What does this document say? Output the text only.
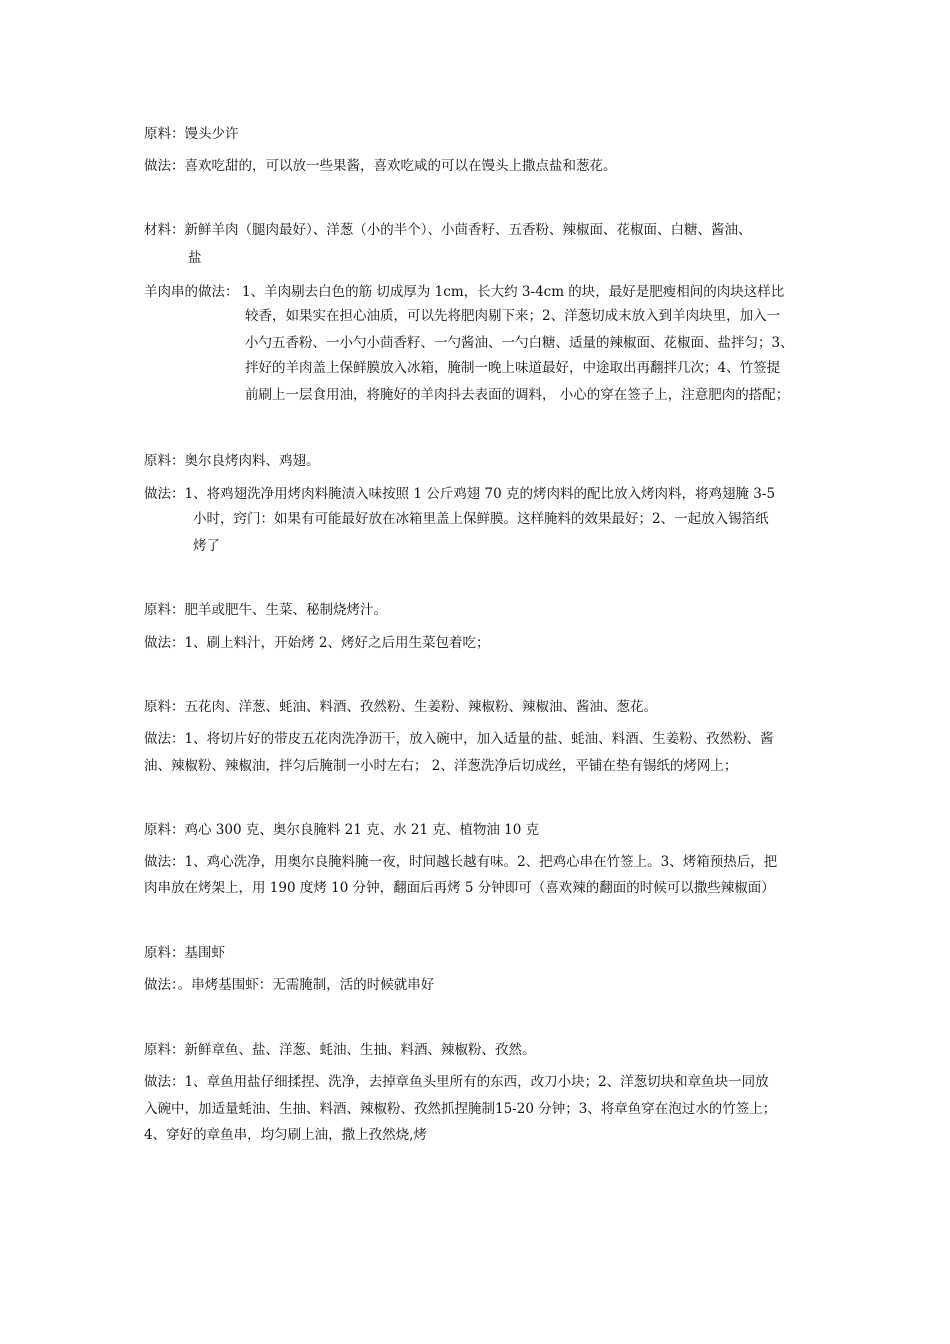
原料：馒头少许
做法：喜欢吃甜的，可以放一些果酱，喜欢吃咸的可以在馒头上撒点盐和葱花。
材料：新鲜羊肉（腿肉最好）、洋葱（小的半个）、小茴香籽、五香粉、辣椒面、花椒面、白糖、酱油、
盐
羊肉串的做法： 1、羊肉剔去白色的筋 切成厚为 1cm，长大约 3-4cm 的块，最好是肥瘦相间的肉块这样比
较香，如果实在担心油质，可以先将肥肉剔下来；2、洋葱切成末放入到羊肉块里，加入一
小勺五香粉、一小勺小茴香籽、一勺酱油、一勺白糖、适量的辣椒面、花椒面、盐拌匀；3、
拌好的羊肉盖上保鲜膜放入冰箱，腌制一晚上味道最好，中途取出再翻拌几次；4、竹签提
前刷上一层食用油，将腌好的羊肉抖去表面的调料， 小心的穿在签子上，注意肥肉的搭配；
原料：奥尔良烤肉料、鸡翅。
做法：1、将鸡翅洗净用烤肉料腌渍入味按照 1 公斤鸡翅 70 克的烤肉料的配比放入烤肉料，将鸡翅腌 3-5
小时，窍门：如果有可能最好放在冰箱里盖上保鲜膜。这样腌料的效果最好；2、一起放入锡箔纸
烤了
原料：肥羊或肥牛、生菜、秘制烧烤汁。
做法：1、刷上料汁，开始烤 2、烤好之后用生菜包着吃；
原料：五花肉、洋葱、蚝油、料酒、孜然粉、生姜粉、辣椒粉、辣椒油、酱油、葱花。
做法：1、将切片好的带皮五花肉洗净沥干，放入碗中，加入适量的盐、蚝油、料酒、生姜粉、孜然粉、酱
油、辣椒粉、辣椒油，拌匀后腌制一小时左右； 2、洋葱洗净后切成丝，平铺在垫有锡纸的烤网上；
原料：鸡心 300 克、奥尔良腌料 21 克、水 21 克、植物油 10 克
做法：1、鸡心洗净，用奥尔良腌料腌一夜，时间越长越有味。2、把鸡心串在竹签上。3、烤箱预热后，把
肉串放在烤架上，用 190 度烤 10 分钟，翻面后再烤 5 分钟即可（喜欢辣的翻面的时候可以撒些辣椒面）
原料：基围虾
做法：。串烤基围虾：无需腌制，活的时候就串好
原料：新鲜章鱼、盐、洋葱、蚝油、生抽、料酒、辣椒粉、孜然。
做法：1、章鱼用盐仔细揉捏、洗净，去掉章鱼头里所有的东西，改刀小块；2、洋葱切块和章鱼块一同放
入碗中，加适量蚝油、生抽、料酒、辣椒粉、孜然抓捏腌制15-20 分钟；3、将章鱼穿在泡过水的竹签上；
4、穿好的章鱼串，均匀刷上油，撒上孜然烧,烤
